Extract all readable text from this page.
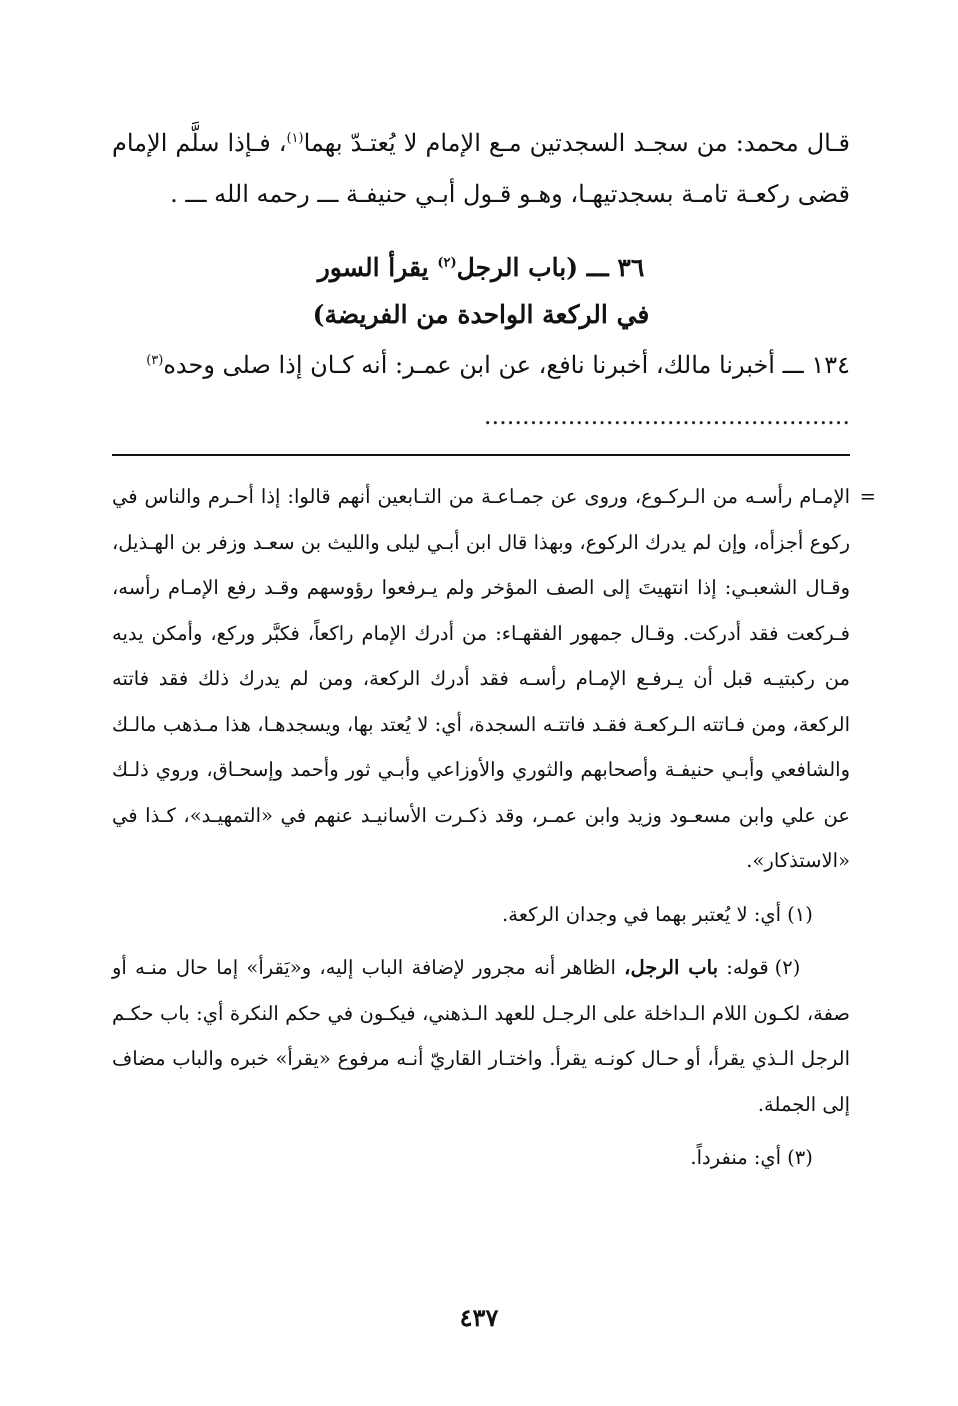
قـال محمد: من سجـد السجدتين مـع الإمام لا يُعتـدّ بهما$^{(١)}$، فـإذا سلَّم الإمام قضى ركعـة تامـة بسجدتيهـا، وهـو قـول أبـي حنيفـة ـــ رحمه الله ـــ .

٣٦ ـــ (باب الرجل$^{(٢)}$ يقرأ السور
في الركعة الواحدة من الفريضة)

١٣٤ ـــ أخبرنا مالك، أخبرنا نافع، عن ابن عمـر: أنه كـان إذا صلى وحده$^{(٣)}$ ................................................

=
الإمـام رأسـه من الـركـوع، وروى عن جمـاعـة من التـابعين أنهم قالوا: إذا أحـرم والناس في ركوع أجزأه، وإن لم يدرك الركوع، وبهذا قال ابن أبـي ليلى والليث بن سعـد وزفر بن الهـذيل، وقـال الشعبـي: إذا انتهيتَ إلى الصف المؤخر ولم يـرفعوا رؤوسهم وقـد رفع الإمـام رأسه، فـركعت فقد أدركت. وقـال جمهور الفقهـاء: من أدرك الإمام راكعاً، فكبَّر وركع، وأمكن يديه من ركبتيـه قبل أن يـرفـع الإمـام رأسـه فقد أدرك الركعة، ومن لم يدرك ذلك فقد فاتته الركعة، ومن فـاتته الـركعـة فقـد فاتتـه السجدة، أي: لا يُعتد بها، ويسجدهـا، هذا مـذهب مالـك والشافعي وأبـي حنيفـة وأصحابهم والثوري والأوزاعي وأبـي ثور وأحمد وإسحـاق، وروي ذلـك عن علي وابن مسعـود وزيد وابن عمـر، وقد ذكـرت الأسانيـد عنهم في «التمهيـد»، كـذا في «الاستذكار».

(١)أي: لا يُعتبر بهما في وجدان الركعة.

(٢)قوله: باب الرجل، الظاهر أنه مجرور لإضافة الباب إليه، و«يَقرأ» إما حال منـه أو صفة، لكـون اللام الـداخلة على الرجـل للعهد الـذهني، فيكـون في حكم النكرة أي: باب حكـم الرجل الـذي يقرأ، أو حـال كونـه يقرأ. واختـار القاريّ أنـه مرفوع «يقرأ» خبره والباب مضاف إلى الجملة.

(٣)أي: منفرداً.

٤٣٧
